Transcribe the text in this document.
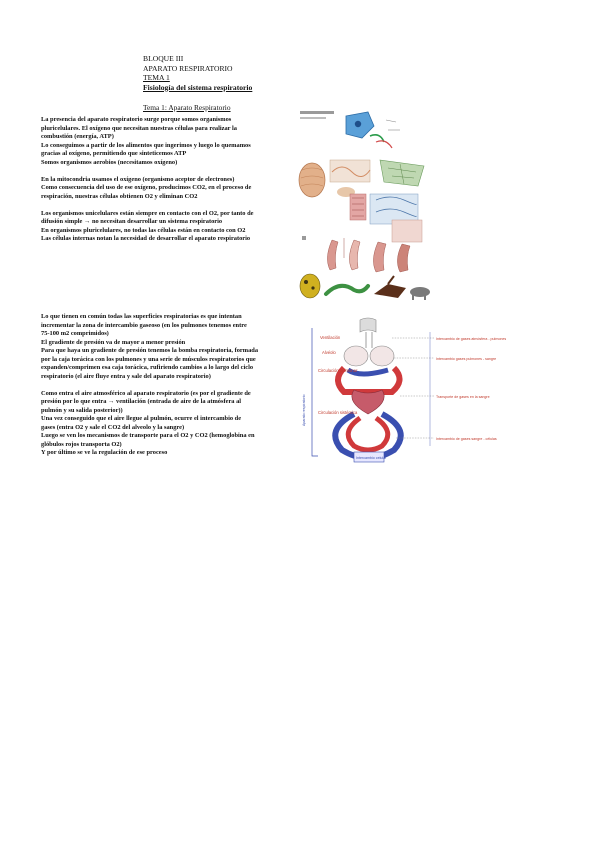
BLOQUE III
APARATO RESPIRATORIO
TEMA 1
Fisiología del sistema respiratorio
Tema 1: Aparato Respiratorio

La presencia del aparato respiratorio surge porque somos organismos

pluricelulares. El oxígeno que necesitan nuestras células para realizar la

combustión (energía, ATP)

Lo conseguimos a partir de los alimentos que ingerimos y luego lo quemamos

gracias al oxígeno, permitiendo que sinteticemos ATP

Somos organismos aerobios (necesitamos oxígeno)

En la mitocondria usamos el oxígeno (organismo aceptor de electrones)

Como consecuencia del uso de ese oxígeno, producimos CO2, en el proceso de

respiración, nuestras células obtienen O2 y eliminan CO2

Los organismos unicelulares están siempre en contacto con el O2, por tanto de

difusión simple → no necesitan desarrollar un sistema respiratorio

En organismos pluricelulares, no todas las células están en contacto con O2

Las células internas notan la necesidad de desarrollar el aparato respiratorio

Lo que tienen en común todas las superficies respiratorias es que intentan

incrementar la zona de intercambio gaseoso (en los pulmones tenemos entre

75-100 m2 comprimidos)

El gradiente de presión va de mayor a menor presión

Para que haya un gradiente de presión tenemos la bomba respiratoria, formada

por la caja torácica con los pulmones y una serie de músculos respiratorios que

expanden/comprimen esa caja torácica, rufiriendo cambios a lo largo del ciclo

respiratorio (el aire fluye entra y sale del aparato respiratorio)

Como entra el aire atmosférico al aparato respiratorio (es por el gradiente de

presión por lo que entra → ventilación (entrada de aire de la atmósfera al

pulmón y su salida posterior))

Una vez conseguido que el aire llegue al pulmón, ocurre el intercambio de

gases (entra O2 y sale el CO2 del alveolo y la sangre)

Luego se ven los mecanismos de transporte para el O2 y CO2 (hemoglobina en

glóbulos rojos transporta O2)

Y por último se ve la regulación de ese proceso

Aparato respiratorio
Intercambio celular
Ventilación
Alvéolo
Circulación pulmonar
Circulación sistémica
Intercambio de gases atmósfera - pulmones
Intercambio gases pulmones - sangre
Transporte de gases en la sangre
Intercambio de gases sangre - células
